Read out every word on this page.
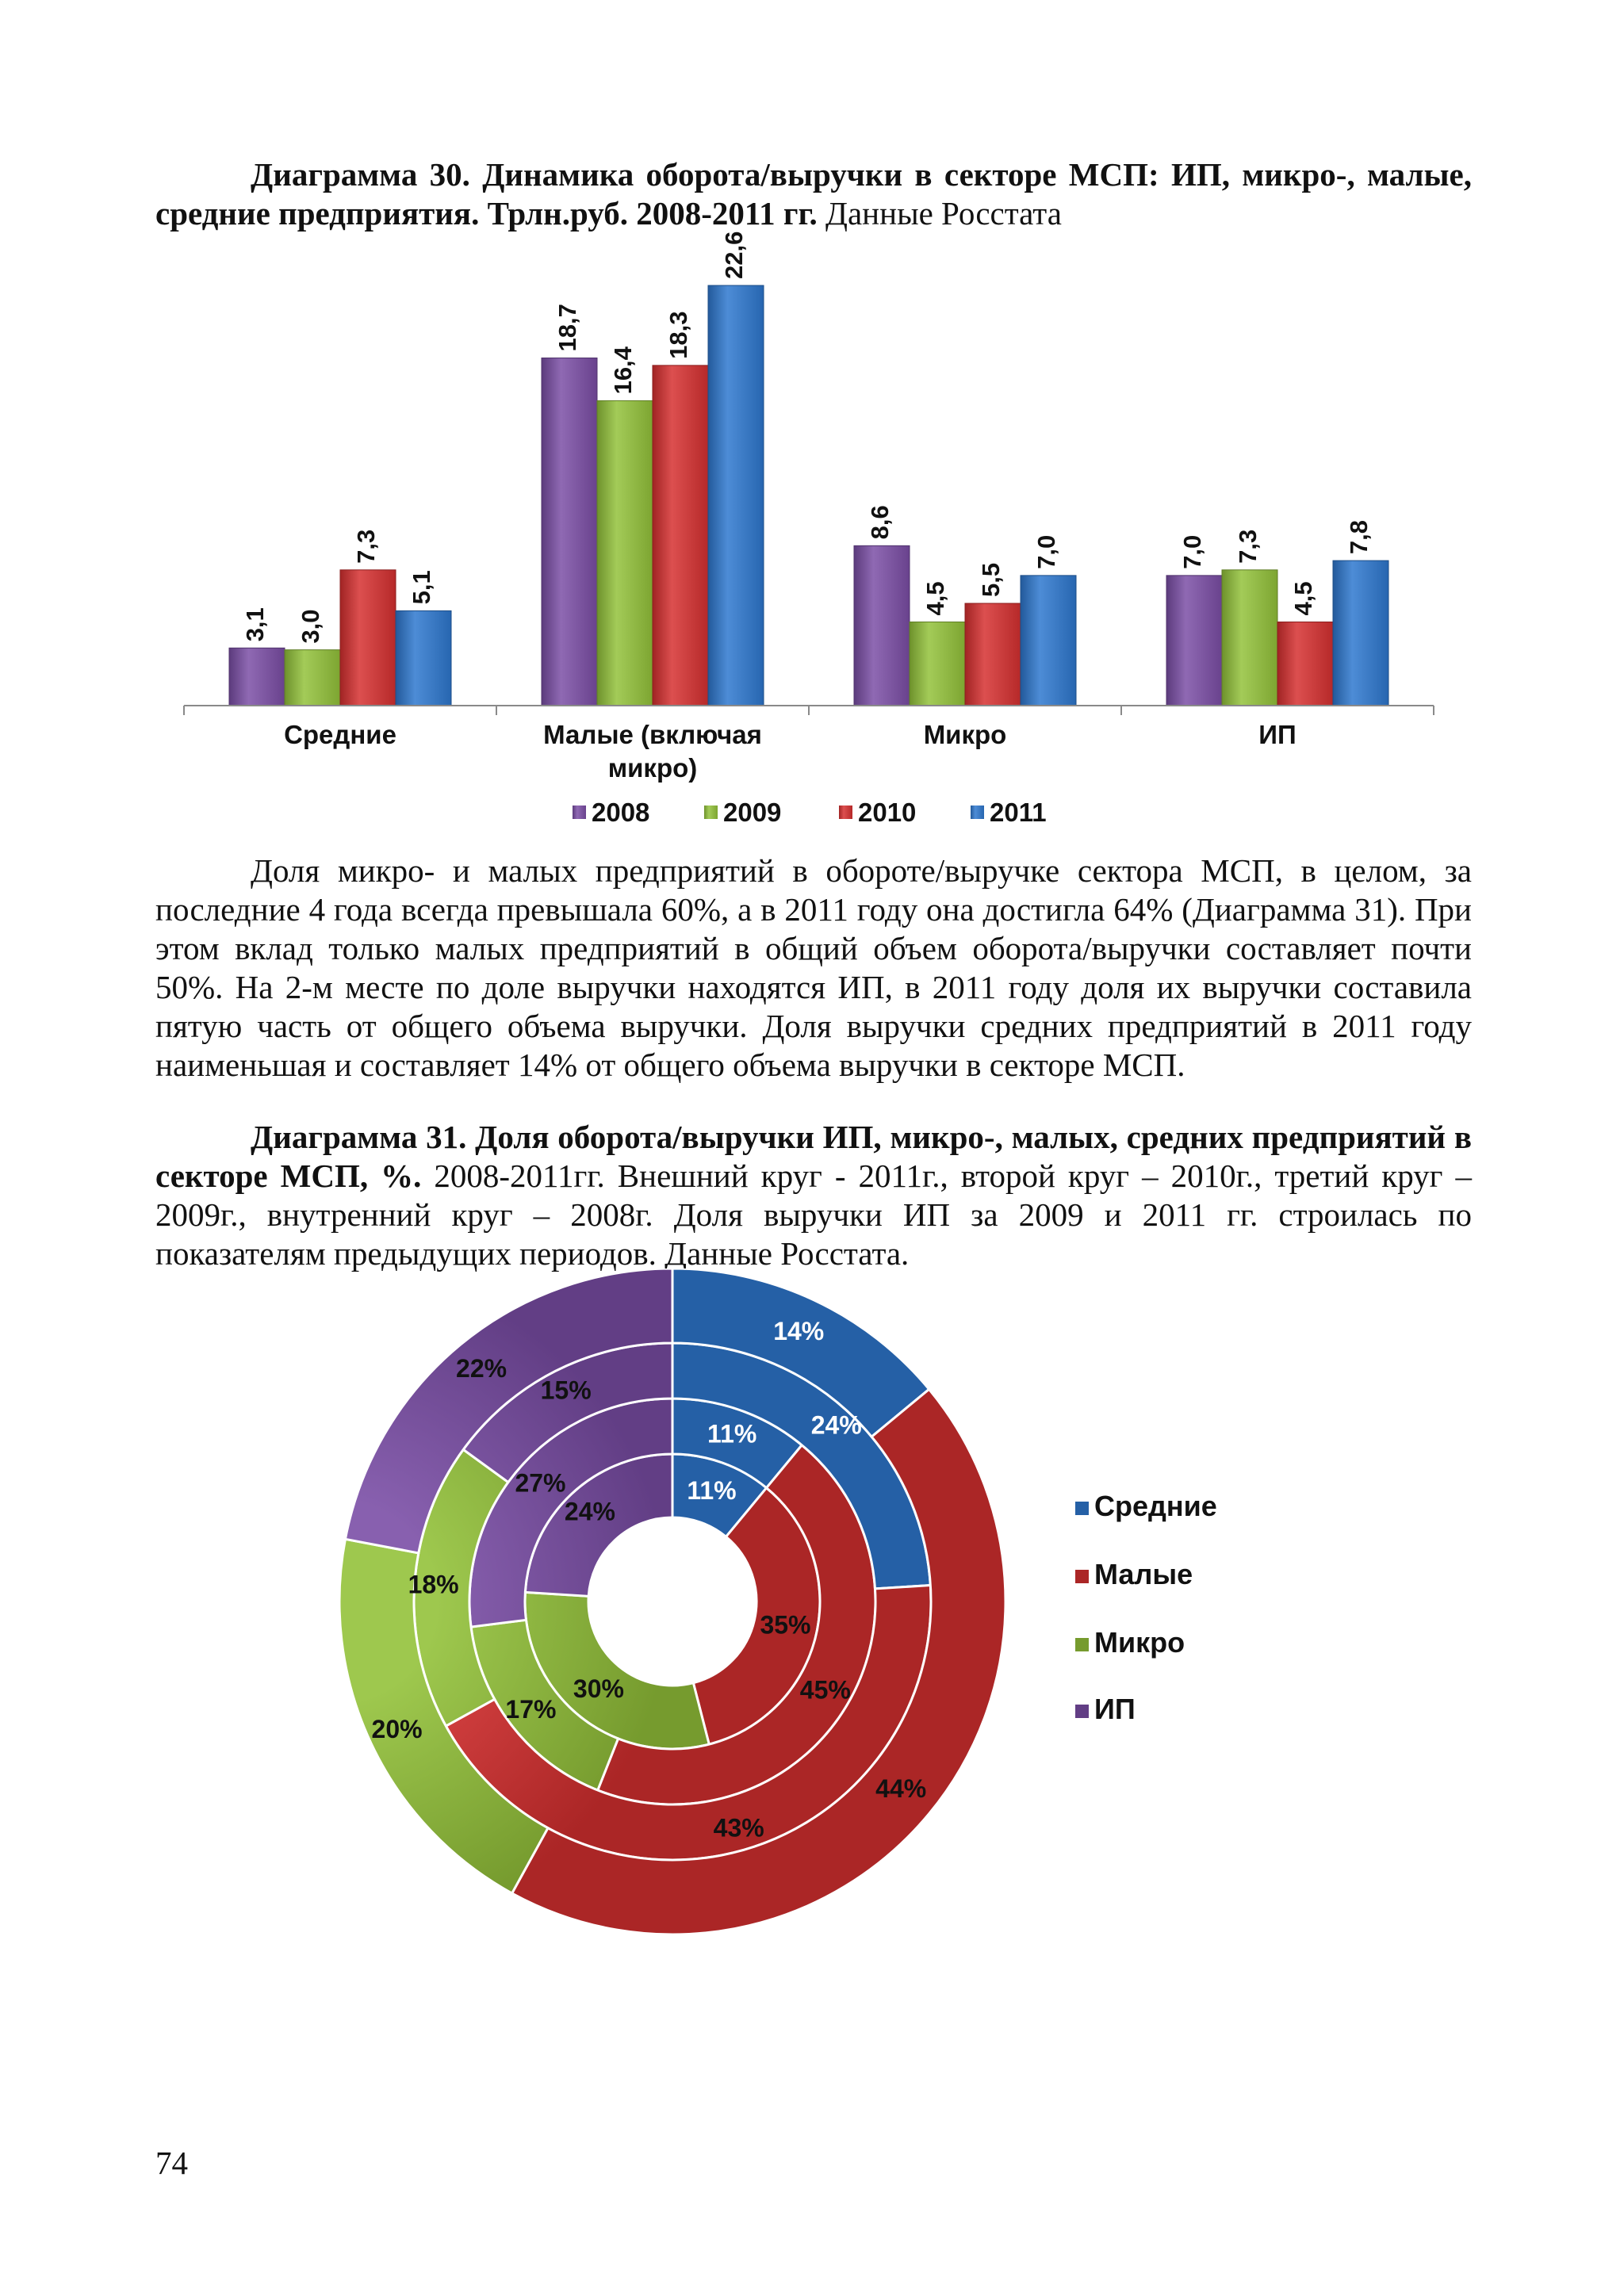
Диаграмма 30. Динамика оборота/выручки в секторе МСП: ИП, микро-, малые, средние предприятия. Трлн.руб. 2008-2011 гг. Данные Росстата
3,1 3,0
7,3
5,1
18,7
16,4
18,3
22,6
8,6
4,5
5,5
7,0	7,0 7,3
4,5
7,8
Средние	Малые (включая
микро)
Микро	ИП
2008	2009	2010	2011
Доля микро- и малых предприятий в обороте/выручке сектора МСП, в целом, за последние 4 года всегда превышала 60%, а в 2011 году она достигла 64% (Диаграмма 31). При этом вклад только малых предприятий в общий объем оборота/выручки составляет почти 50%. На 2-м месте по доле выручки находятся ИП, в 2011 году доля их выручки составила пятую часть от общего объема выручки. Доля выручки средних предприятий в 2011 году наименьшая и составляет 14% от общего объема выручки в секторе МСП.
Диаграмма 31. Доля оборота/выручки ИП, микро-, малых, средних предприятий в секторе МСП, %. 2008-2011гг. Внешний круг - 2011г., второй круг – 2010г., третий круг – 2009г., внутренний круг – 2008г. Доля выручки ИП за 2009 и 2011 гг. строилась по показателям предыдущих периодов. Данные Росстата.
11%
35%
30%
24%
11%
45%
17%
27%
24%
43%
18%
15%
14%
44%
20%
22%
Средние
Малые
Микро
ИП
74
